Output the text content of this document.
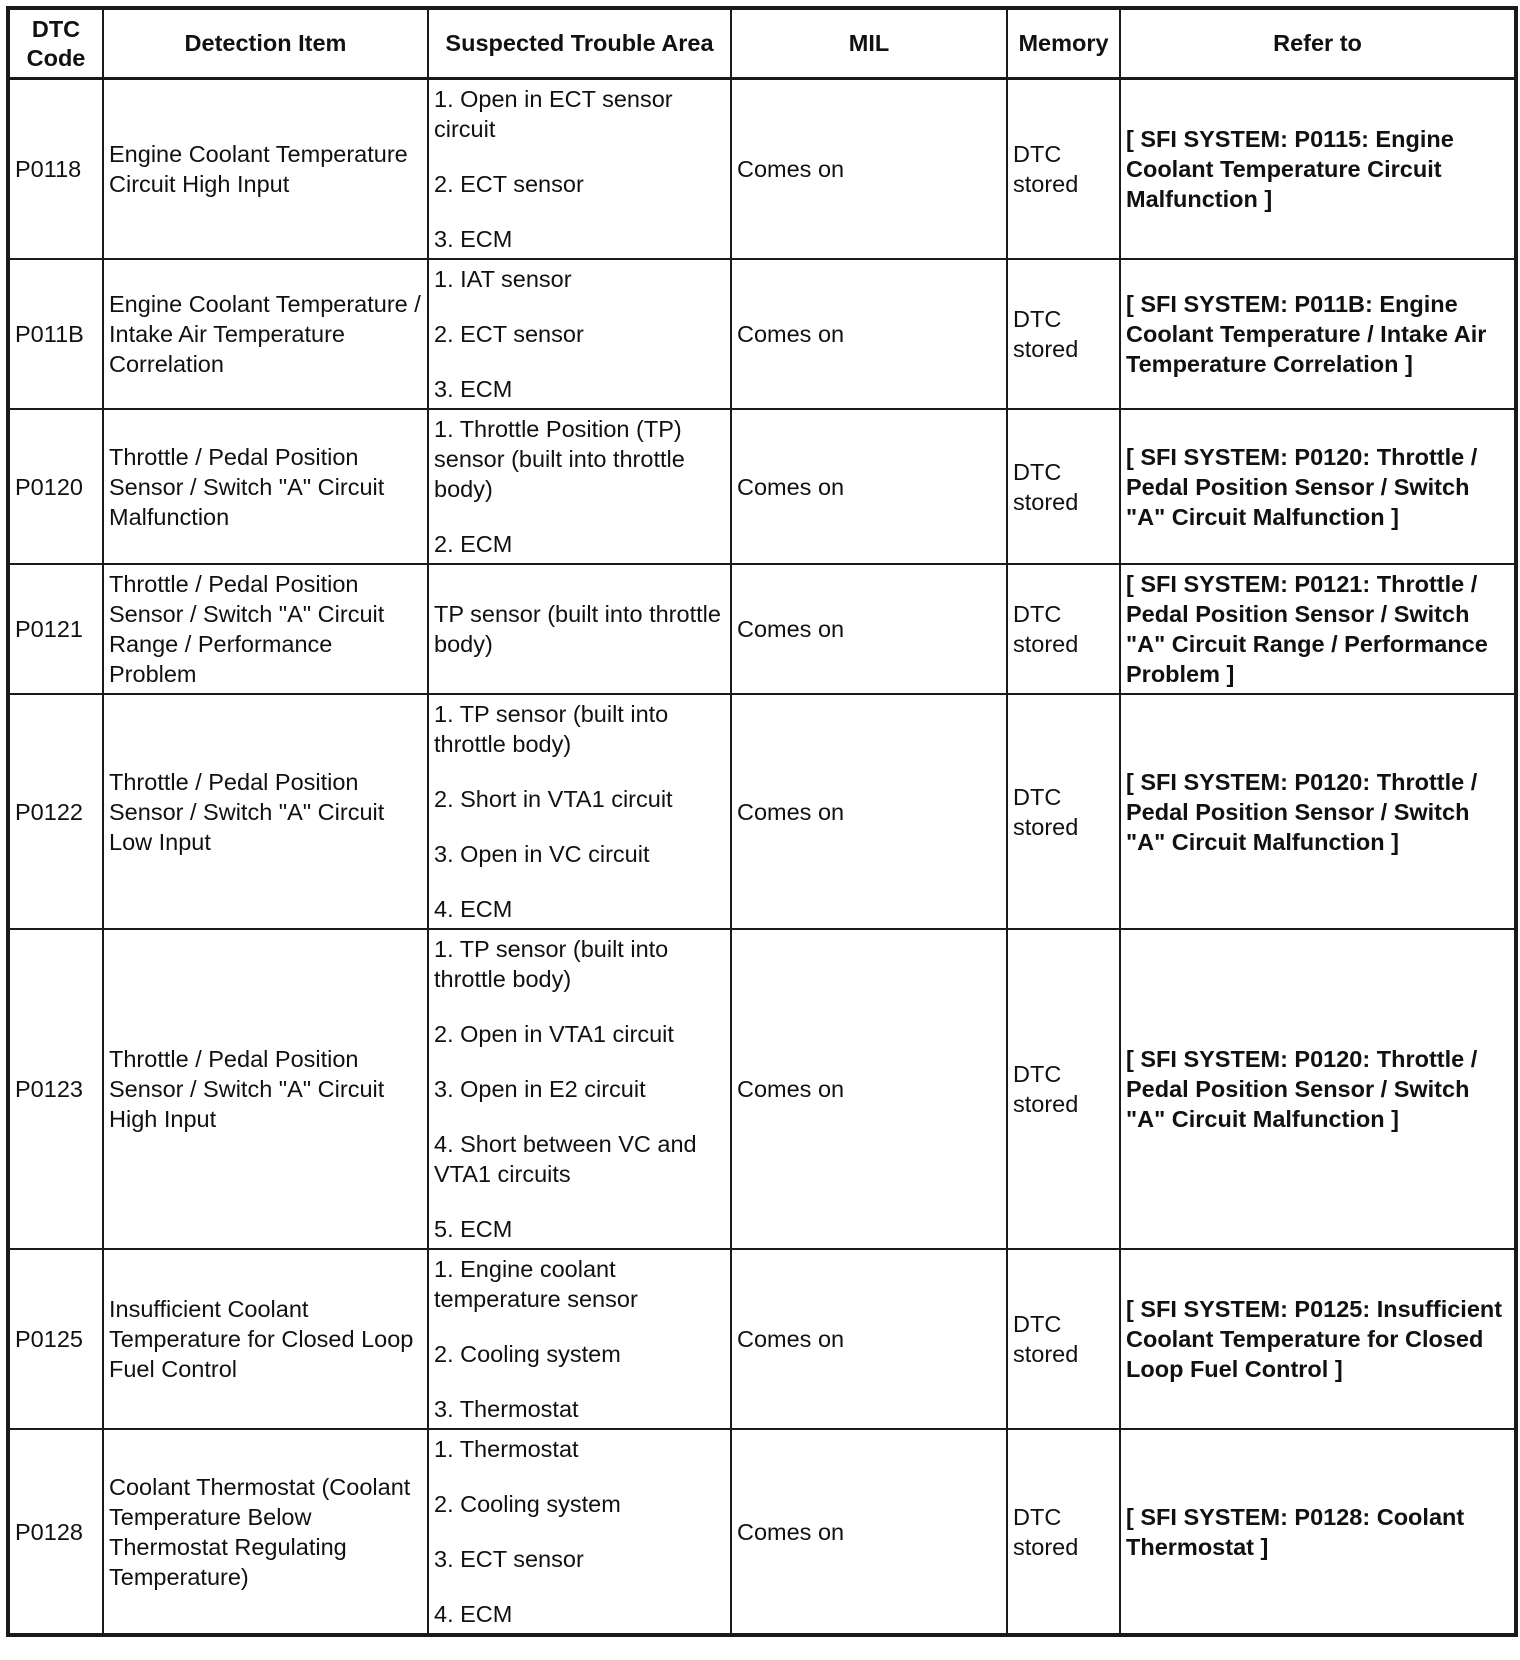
DTC Code	Detection Item	Suspected Trouble Area	MIL	Memory	Refer to
P0118	Engine Coolant Temperature Circuit High Input	1. Open in ECT sensor circuit
2. ECT sensor
3. ECM	Comes on	DTC stored	[ SFI SYSTEM: P0115: Engine Coolant Temperature Circuit Malfunction ]
P011B	Engine Coolant Temperature / Intake Air Temperature Correlation	1. IAT sensor
2. ECT sensor
3. ECM	Comes on	DTC stored	[ SFI SYSTEM: P011B: Engine Coolant Temperature / Intake Air Temperature Correlation ]
P0120	Throttle / Pedal Position Sensor / Switch "A" Circuit Malfunction	1. Throttle Position (TP) sensor (built into throttle body)
2. ECM	Comes on	DTC stored	[ SFI SYSTEM: P0120: Throttle / Pedal Position Sensor / Switch "A" Circuit Malfunction ]
P0121	Throttle / Pedal Position Sensor / Switch "A" Circuit Range / Performance Problem	TP sensor (built into throttle body)	Comes on	DTC stored	[ SFI SYSTEM: P0121: Throttle / Pedal Position Sensor / Switch "A" Circuit Range / Performance Problem ]
P0122	Throttle / Pedal Position Sensor / Switch "A" Circuit Low Input	1. TP sensor (built into throttle body)
2. Short in VTA1 circuit
3. Open in VC circuit
4. ECM	Comes on	DTC stored	[ SFI SYSTEM: P0120: Throttle / Pedal Position Sensor / Switch "A" Circuit Malfunction ]
P0123	Throttle / Pedal Position Sensor / Switch "A" Circuit High Input	1. TP sensor (built into throttle body)
2. Open in VTA1 circuit
3. Open in E2 circuit
4. Short between VC and VTA1 circuits
5. ECM	Comes on	DTC stored	[ SFI SYSTEM: P0120: Throttle / Pedal Position Sensor / Switch "A" Circuit Malfunction ]
P0125	Insufficient Coolant Temperature for Closed Loop Fuel Control	1. Engine coolant temperature sensor
2. Cooling system
3. Thermostat	Comes on	DTC stored	[ SFI SYSTEM: P0125: Insufficient Coolant Temperature for Closed Loop Fuel Control ]
P0128	Coolant Thermostat (Coolant Temperature Below Thermostat Regulating Temperature)	1. Thermostat
2. Cooling system
3. ECT sensor
4. ECM	Comes on	DTC stored	[ SFI SYSTEM: P0128: Coolant Thermostat ]
